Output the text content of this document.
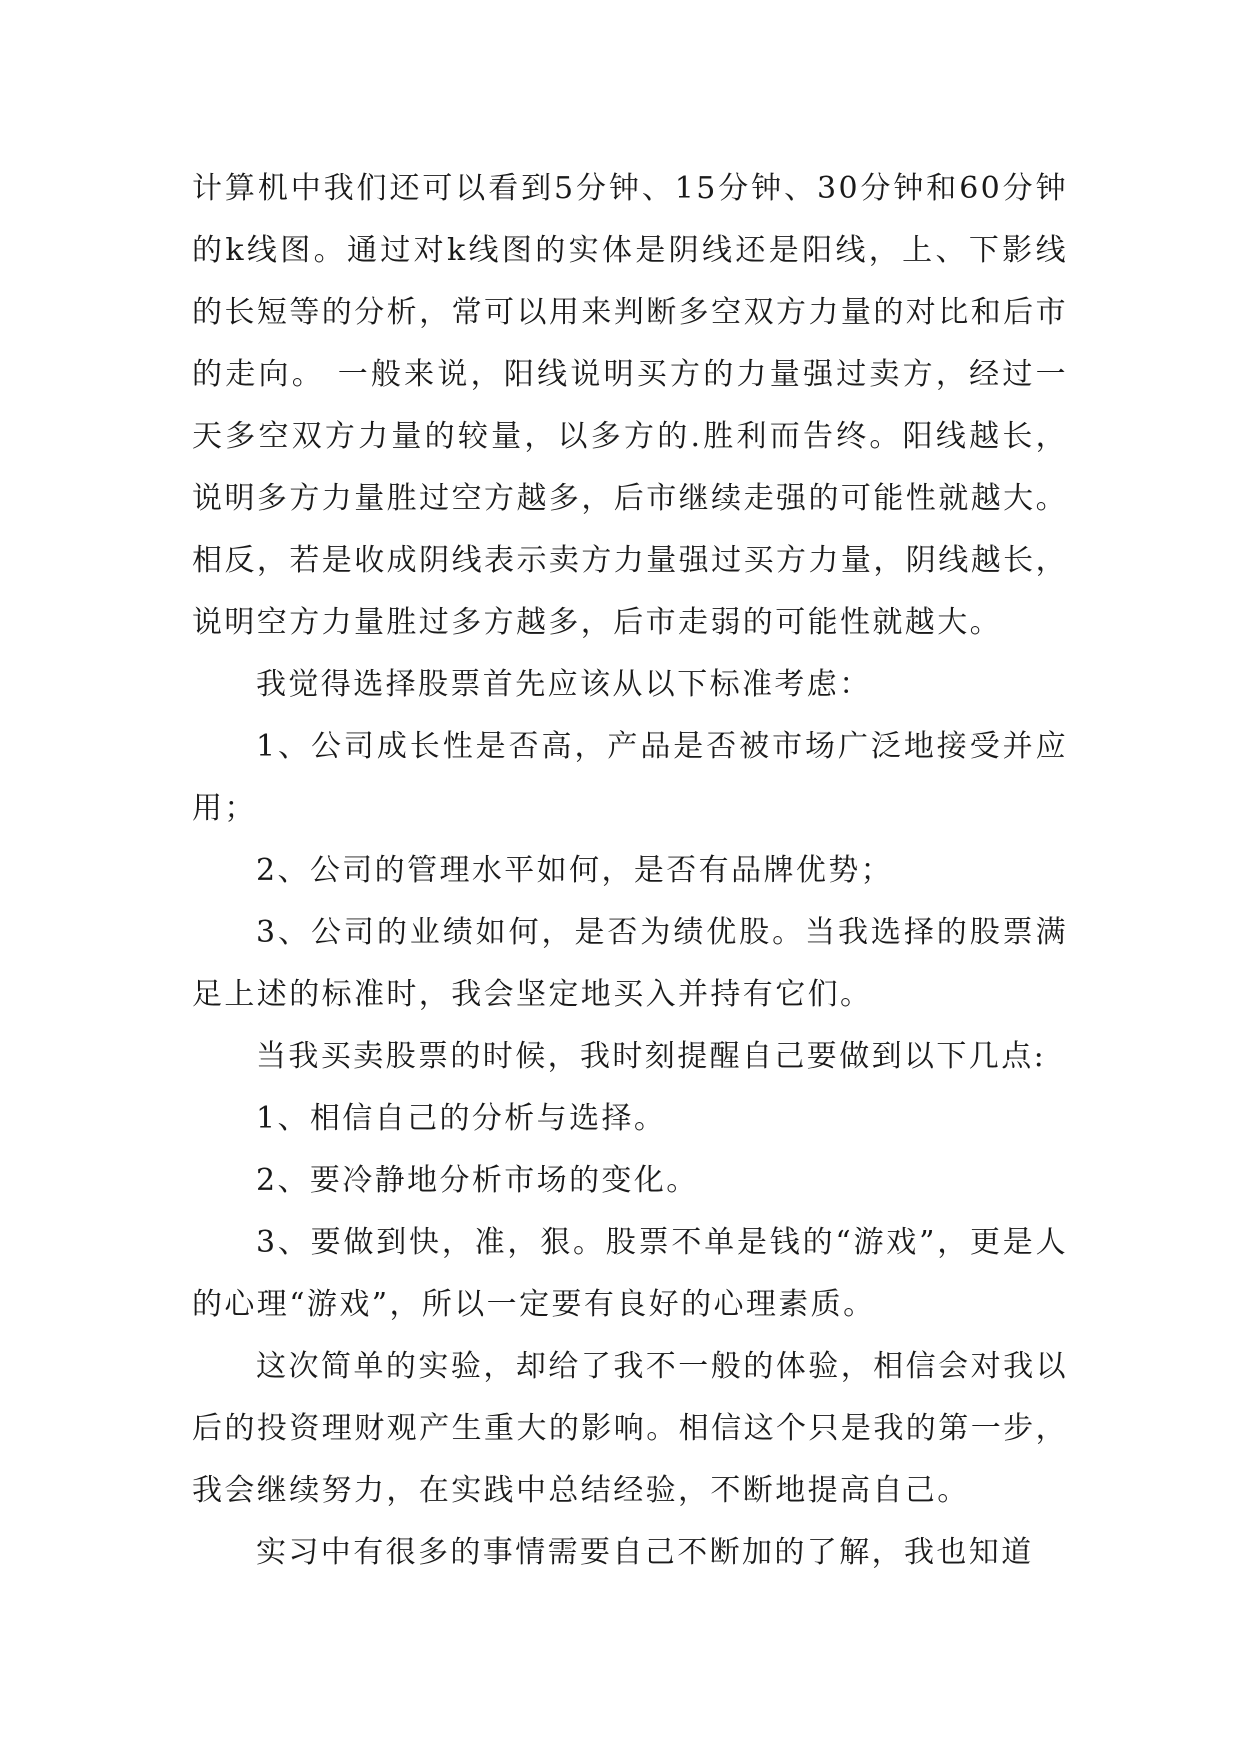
计算机中我们还可以看到5分钟、15分钟、30分钟和60分钟的k线图。通过对k线图的实体是阴线还是阳线，上、下影线的长短等的分析，常可以用来判断多空双方力量的对比和后市的走向。 一般来说，阳线说明买方的力量强过卖方，经过一天多空双方力量的较量，以多方的.胜利而告终。阳线越长，说明多方力量胜过空方越多，后市继续走强的可能性就越大。 相反，若是收成阴线表示卖方力量强过买方力量，阴线越长，说明空方力量胜过多方越多，后市走弱的可能性就越大。

我觉得选择股票首先应该从以下标准考虑：

1、公司成长性是否高，产品是否被市场广泛地接受并应用；

2、公司的管理水平如何，是否有品牌优势；

3、公司的业绩如何，是否为绩优股。当我选择的股票满足上述的标准时，我会坚定地买入并持有它们。

当我买卖股票的时候，我时刻提醒自己要做到以下几点:

1、相信自己的分析与选择。

2、要冷静地分析市场的变化。

3、要做到快，准，狠。股票不单是钱的“游戏”，更是人的心理“游戏”，所以一定要有良好的心理素质。

这次简单的实验，却给了我不一般的体验，相信会对我以后的投资理财观产生重大的影响。相信这个只是我的第一步，我会继续努力，在实践中总结经验，不断地提高自己。

实习中有很多的事情需要自己不断加的了解，我也知道
